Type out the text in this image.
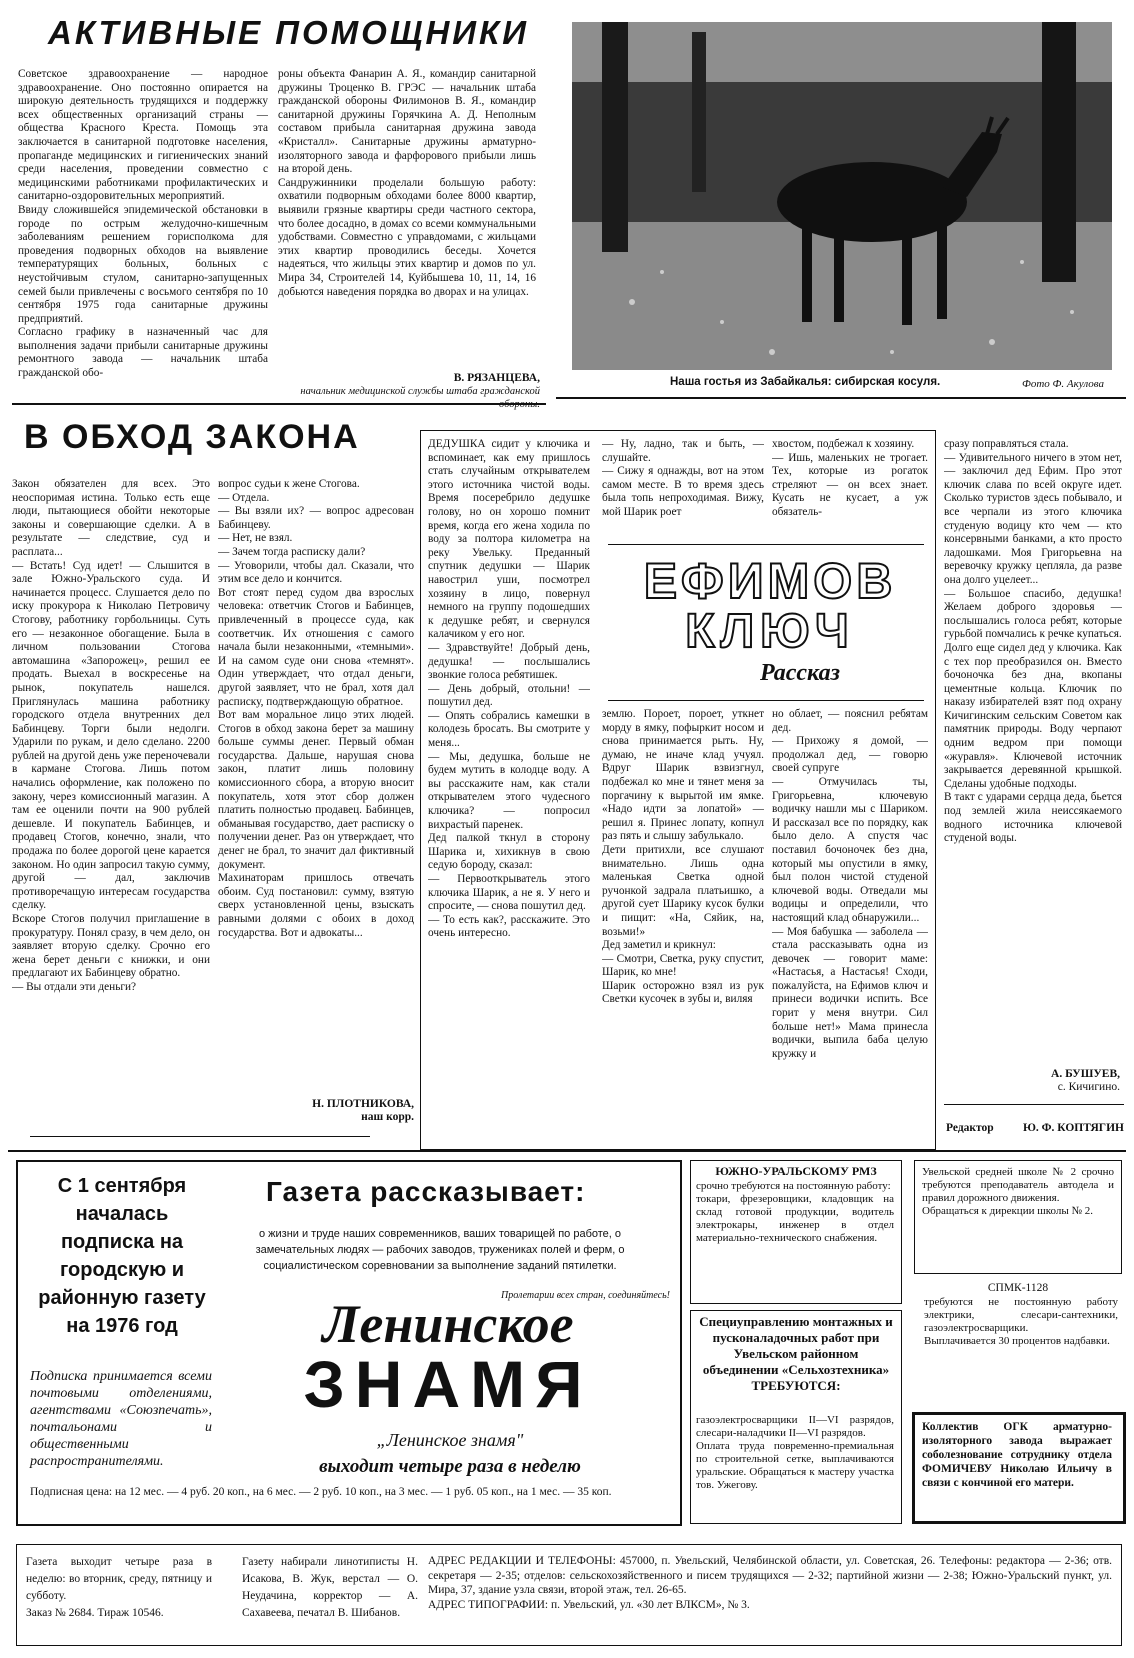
АКТИВНЫЕ ПОМОЩНИКИ
Советское здравоохранение — народное здравоохранение. Оно постоянно опирается на широкую деятельность трудящихся и поддержку всех общественных организаций страны — общества Красного Креста. Помощь эта заключается в санитарной подготовке населения, пропаганде медицинских и гигиенических знаний среди населения, проведении совместно с медицинскими работниками профилактических и санитарно-оздоровительных мероприятий.
Ввиду сложившейся эпидемической обстановки в городе по острым желудочно-кишечным заболеваниям решением горисполкома для проведения подворных обходов на выявление температурящих больных, больных с неустойчивым стулом, санитарно-запущенных семей были привлечены с восьмого сентября по 10 сентября 1975 года санитарные дружины предприятий.
Согласно графику в назначенный час для выполнения задачи прибыли санитарные дружины ремонтного завода — начальник штаба гражданской обо-
роны объекта Фанарин А. Я., командир санитарной дружины Троценко В. ГРЭС — начальник штаба гражданской обороны Филимонов В. Я., командир санитарной дружины Горячкина А. Д. Неполным составом прибыла санитарная дружина завода «Кристалл». Санитарные дружины арматурно-изоляторного завода и фарфорового прибыли лишь на второй день.
Сандружинники проделали большую работу: охватили подворным обходами более 8000 квартир, выявили грязные квартиры среди частного сектора, что более досадно, в домах со всеми коммунальными удобствами. Совместно с управдомами, с жильцами этих квартир проводились беседы. Хочется надеяться, что жильцы этих квартир и домов по ул. Мира 34, Строителей 14, Куйбышева 10, 11, 14, 16 добьются наведения порядка во дворах и на улицах.
В. РЯЗАНЦЕВА,
начальник медицинской службы штаба гражданской
Наша гостья из Забайкалья: сибирская косуля.	Фото Ф. Акулова
В ОБХОД ЗАКОНА
Закон обязателен для всех. Это неоспоримая истина. Только есть еще люди, пытающиеся обойти некоторые законы и совершающие сделки. А в результате — следствие, суд и расплата...
— Встать! Суд идет! — Слышится в зале Южно-Уральского суда. И начинается процесс. Слушается дело по иску прокурора к Николаю Петровичу Стогову, работнику горбольницы. Суть его — незаконное обогащение. Была в личном пользовании Стогова автомашина «Запорожец», решил ее продать. Выехал в воскресенье на рынок, покупатель нашелся. Приглянулась машина работнику городского отдела внутренних дел Бабинцеву. Торги были недолги. Ударили по рукам, и дело сделано. 2200 рублей на другой день уже переночевали в кармане Стогова. Лишь потом начались оформление, как положено по закону, через комиссионный магазин. А там ее оценили почти на 900 рублей дешевле. И покупатель Бабинцев, и продавец Стогов, конечно, знали, что продажа по более дорогой цене карается законом. Но один запросил такую сумму, другой — дал, заключив противоречащую интересам государства сделку.
Вскоре Стогов получил приглашение в прокуратуру. Понял сразу, в чем дело, он заявляет вторую сделку. Срочно его жена берет деньги с книжки, и они предлагают их Бабинцеву обратно.
— Вы отдали эти деньги?
вопрос судьи к жене Стогова.
— Отдела.
— Вы взяли их? — вопрос адресован Бабинцеву.
— Нет, не взял.
— Зачем тогда расписку дали?
— Уговорили, чтобы дал. Сказали, что этим все дело и кончится.
Вот стоят перед судом два взрослых человека: ответчик Стогов и Бабинцев, привлеченный в процессе суда, как соответчик. Их отношения с самого начала были незаконными, «темными». И на самом суде они снова «темнят». Один утверждает, что отдал деньги, другой заявляет, что не брал, хотя дал расписку, подтверждающую обратное.
Вот вам моральное лицо этих людей. Стогов в обход закона берет за машину больше суммы денег. Первый обман государства. Дальше, нарушая снова закон, платит лишь половину комиссионного сбора, а вторую вносит покупатель, хотя этот сбор должен платить полностью продавец. Бабинцев, обманывая государство, дает расписку о получении денег. Раз он утверждает, что денег не брал, то значит дал фиктивный документ.
Махинаторам пришлось отвечать обоим. Суд постановил: сумму, взятую сверх установленной цены, взыскать равными долями с обоих в доход государства. Вот и адвокаты...
Н. ПЛОТНИКОВА,
наш корр.
ДЕДУШКА сидит у ключика и вспоминает, как ему пришлось стать случайным открывателем этого источника чистой воды. Время посеребрило дедушке голову, но он хорошо помнит время, когда его жена ходила по воду за полтора километра на реку Увельку. Преданный спутник дедушки — Шарик навострил уши, посмотрел хозяину в лицо, повернул немного на группу подошедших к дедушке ребят, и свернулся калачиком у его ног.
— Здравствуйте! Добрый день, дедушка! — послышались звонкие голоса ребятишек.
— День добрый, отольни! — пошутил дед.
— Опять собрались камешки в колодезь бросать. Вы смотрите у меня...
— Мы, дедушка, больше не будем мутить в колодце воду. А вы расскажите нам, как стали открывателем этого чудесного ключика? — попросил вихрастый паренек.
Дед палкой ткнул в сторону Шарика и, хихикнув в свою седую бороду, сказал:
— Первооткрыватель этого ключика Шарик, а не я. У него и спросите, — снова пошутил дед.
— То есть как?, расскажите. Это очень интересно.
— Ну, ладно, так и быть, — слушайте.
— Сижу я однажды, вот на этом самом месте. В то время здесь была топь непроходимая. Вижу, мой Шарик роет
хвостом, подбежал к хозяину.
— Ишь, маленьких не трогает. Тех, которые из рогаток стреляют — он всех знает. Кусать не кусает, а уж обязатель-
ЕФИМОВ
КЛЮЧ
Рассказ
землю. Порoет, порoет, уткнет морду в ямку, пофыркит носом и снова принимается рыть. Ну, думаю, не иначе клад учуял. Вдруг Шарик взвизгнул, подбежал ко мне и тянет меня за поргачину к вырытой им ямке. «Надо идти за лопатой» — решил я. Принес лопату, копнул раз пять и слышу забулькало.
Дети притихли, все слушают внимательно. Лишь одна маленькая Светка одной ручонкой задрала платьишко, а другой сует Шарику кусок булки и пищит: «На, Сяйик, на, возьми!»
Дед заметил и крикнул:
— Смотри, Светка, руку спустит, Шарик, ко мне!
Шарик осторожно взял из рук Светки кусочек в зубы и, виляя
но облает, — пояснил ребятам дед.
— Прихожу я домой, — продолжал дед, — говорю своей супруге
— Отмучилась ты, Григорьевна, ключевую водичку нашли мы с Шариком. И рассказал все по порядку, как было дело. А спустя час поставил бочоночек без дна, который мы опустили в ямку, был полон чистой студеной ключевой воды. Отведали мы водицы и определили, что настоящий клад обнаружили...
— Моя бабушка — заболела — стала рассказывать одна из девочек — говорит маме: «Настасья, а Настасья! Сходи, пожалуйста, на Ефимов ключ и принеси водички испить. Все горит у меня внутри. Сил больше нет!» Мама принесла водички, выпила баба целую кружку и
сразу поправляться стала.
— Удивительного ничего в этом нет, — заключил дед Ефим. Про этот ключик слава по всей округе идет. Сколько туристов здесь побывало, и все черпали из этого ключика студеную водицу кто чем — кто консервными банками, а кто просто ладошками. Моя Григорьевна на веревочку кружку цепляла, да разве она долго уцелеет...
— Большое спасибо, дедушка! Желаем доброго здоровья — послышались голоса ребят, которые гурьбой помчались к речке купаться.
Долго еще сидел дед у ключика. Как с тех пор преобразился он. Вместо бочоночка без дна, вкопаны цементные кольца. Ключик по наказу избирателей взят под охрану Кичигинским сельским Советом как памятник природы. Воду черпают одним ведром при помощи «журавля». Ключевой источник закрывается деревянной крышкой. Сделаны удобные подходы.
В такт с ударами сердца деда, бьется под землей жила неиссякаемого водного источника ключевой студеной воды.
А. БУШУЕВ,
с. Кичигино.
Редактор	Ю. Ф. КОПТЯГИН
С 1 сентября началась подписка на городскую и районную газету на 1976 год
Подписка принимается всеми почтовыми отделениями, агентствами «Союзпечать», почтальонами и общественными распространителями.
Газета рассказывает:
о жизни и труде наших современников, ваших товарищей по работе, о замечательных людях — рабочих заводов, тружениках полей и ферм, о социалистическом соревновании за выполнение заданий пятилетки.
Пролетарии всех стран, соединяйтесь!
Ленинское
ЗНАМЯ
„Ленинское знамя"
выходит четыре раза в неделю
Подписная цена: на 12 мес. — 4 руб. 20 коп., на 6 мес. — 2 руб. 10 коп., на 3 мес. — 1 руб. 05 коп., на 1 мес. — 35 коп.
ЮЖНО-УРАЛЬСКОМУ РМЗ
срочно требуются на постоянную работу:
токари, фрезеровщики, кладовщик на склад готовой продукции, водитель электрокары, инженер в отдел материально-технического снабжения.
Увельской средней школе № 2 срочно требуются преподаватель автодела и правил дорожного движения.
Обращаться к дирекции школы № 2.
СПМК-1128
требуются не постоянную работу электрики, слесари-сантехники, газоэлектросварщики.
Выплачивается 30 процентов надбавки.
Специуправлению монтажных и пусконаладочных работ при Увельском районном объединении «Сельхозтехника» ТРЕБУЮТСЯ:
газоэлектросварщики II—VI разрядов, слесари-наладчики II—VI разрядов.
Оплата труда повременно-премиальная по строительной сетке, выплачиваются уральские. Обращаться к мастеру участка тов. Ужегову.
Коллектив ОГК арматурно-изоляторного завода выражает соболезнование сотруднику отдела ФОМИЧЕВУ Николаю Ильичу в связи с кончиной его матери.
Газета выходит четыре раза в неделю: во вторник, среду, пятницу и субботу.
Заказ № 2684. Тираж 10546.
Газету набирали линотиписты Н. Исакова, В. Жук, верстал — О. Неудачина, корректор — А. Сахавеева, печатал В. Шибанов.
АДРЕС РЕДАКЦИИ И ТЕЛЕФОНЫ: 457000, п. Увельский, Челябинской области, ул. Советская, 26. Телефоны: редактора — 2-36; отв. секретаря — 2-35; отделов: сельскохозяйственного и писем трудящихся — 2-32; партийной жизни — 2-38; Южно-Уральский пункт, ул. Мира, 37, здание узла связи, второй этаж, тел. 26-65.
АДРЕС ТИПОГРАФИИ: п. Увельский, ул. «30 лет ВЛКСМ», № 3.
